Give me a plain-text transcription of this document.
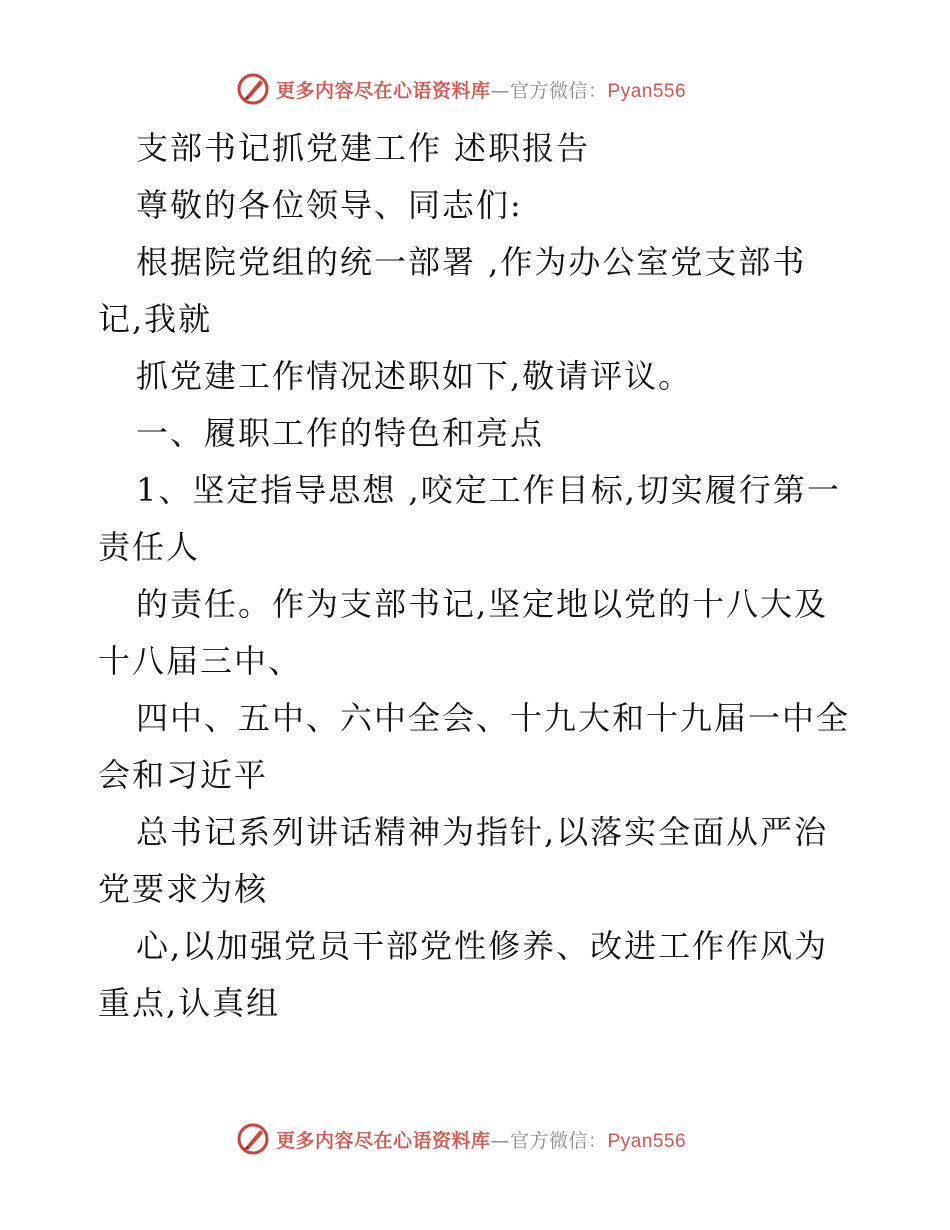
更多内容尽在心语资料库—官方微信：Pyan556
支部书记抓党建工作 述职报告
尊敬的各位领导、同志们:
根据院党组的统一部署 ,作为办公室党支部书
记,我就
抓党建工作情况述职如下,敬请评议。
一、履职工作的特色和亮点
1、坚定指导思想 ,咬定工作目标,切实履行第一
责任人
的责任。作为支部书记,坚定地以党的十八大及
十八届三中、
四中、五中、六中全会、十九大和十九届一中全
会和习近平
总书记系列讲话精神为指针,以落实全面从严治
党要求为核
心,以加强党员干部党性修养、改进工作作风为
重点,认真组
更多内容尽在心语资料库—官方微信：Pyan556
